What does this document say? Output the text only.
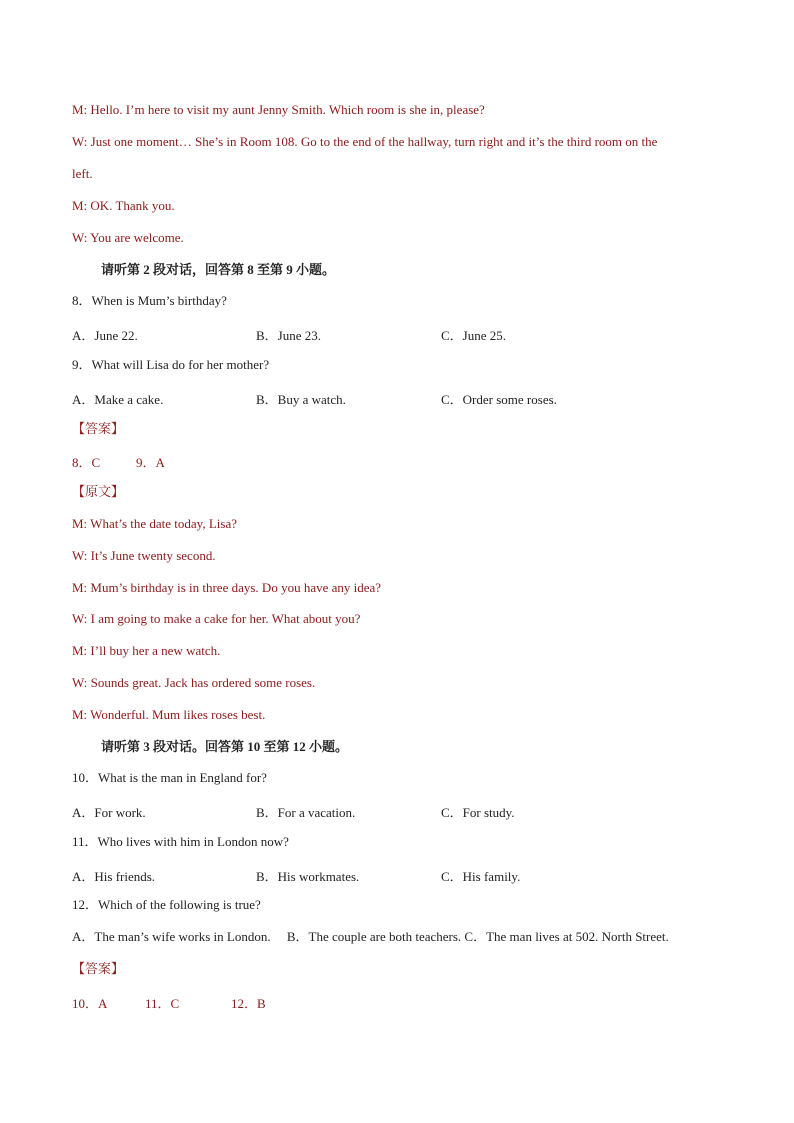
M: Hello. I’m here to visit my aunt Jenny Smith. Which room is she in, please?
W: Just one moment… She’s in Room 108. Go to the end of the hallway, turn right and it’s the third room on the
left.
M: OK. Thank you.
W: You are welcome.
请听第 2 段对话，回答第 8 至第 9 小题。
8．When is Mum’s birthday?
A．June 22.	B．June 23.	C．June 25.
9．What will Lisa do for her mother?
A．Make a cake.	B．Buy a watch.	C．Order some roses.
【答案】
8．C	9．A
【原文】
M: What’s the date today, Lisa?
W: It’s June twenty second.
M: Mum’s birthday is in three days. Do you have any idea?
W: I am going to make a cake for her. What about you?
M: I’ll buy her a new watch.
W: Sounds great. Jack has ordered some roses.
M: Wonderful. Mum likes roses best.
请听第 3 段对话。回答第 10 至第 12 小题。
10．What is the man in England for?
A．For work.	B．For a vacation.	C．For study.
11．Who lives with him in London now?
A．His friends.	B．His workmates.	C．His family.
12．Which of the following is true?
A．The man’s wife works in London.     B．The couple are both teachers. C．The man lives at 502. North Street.
【答案】
10．A	11．C	12．B
